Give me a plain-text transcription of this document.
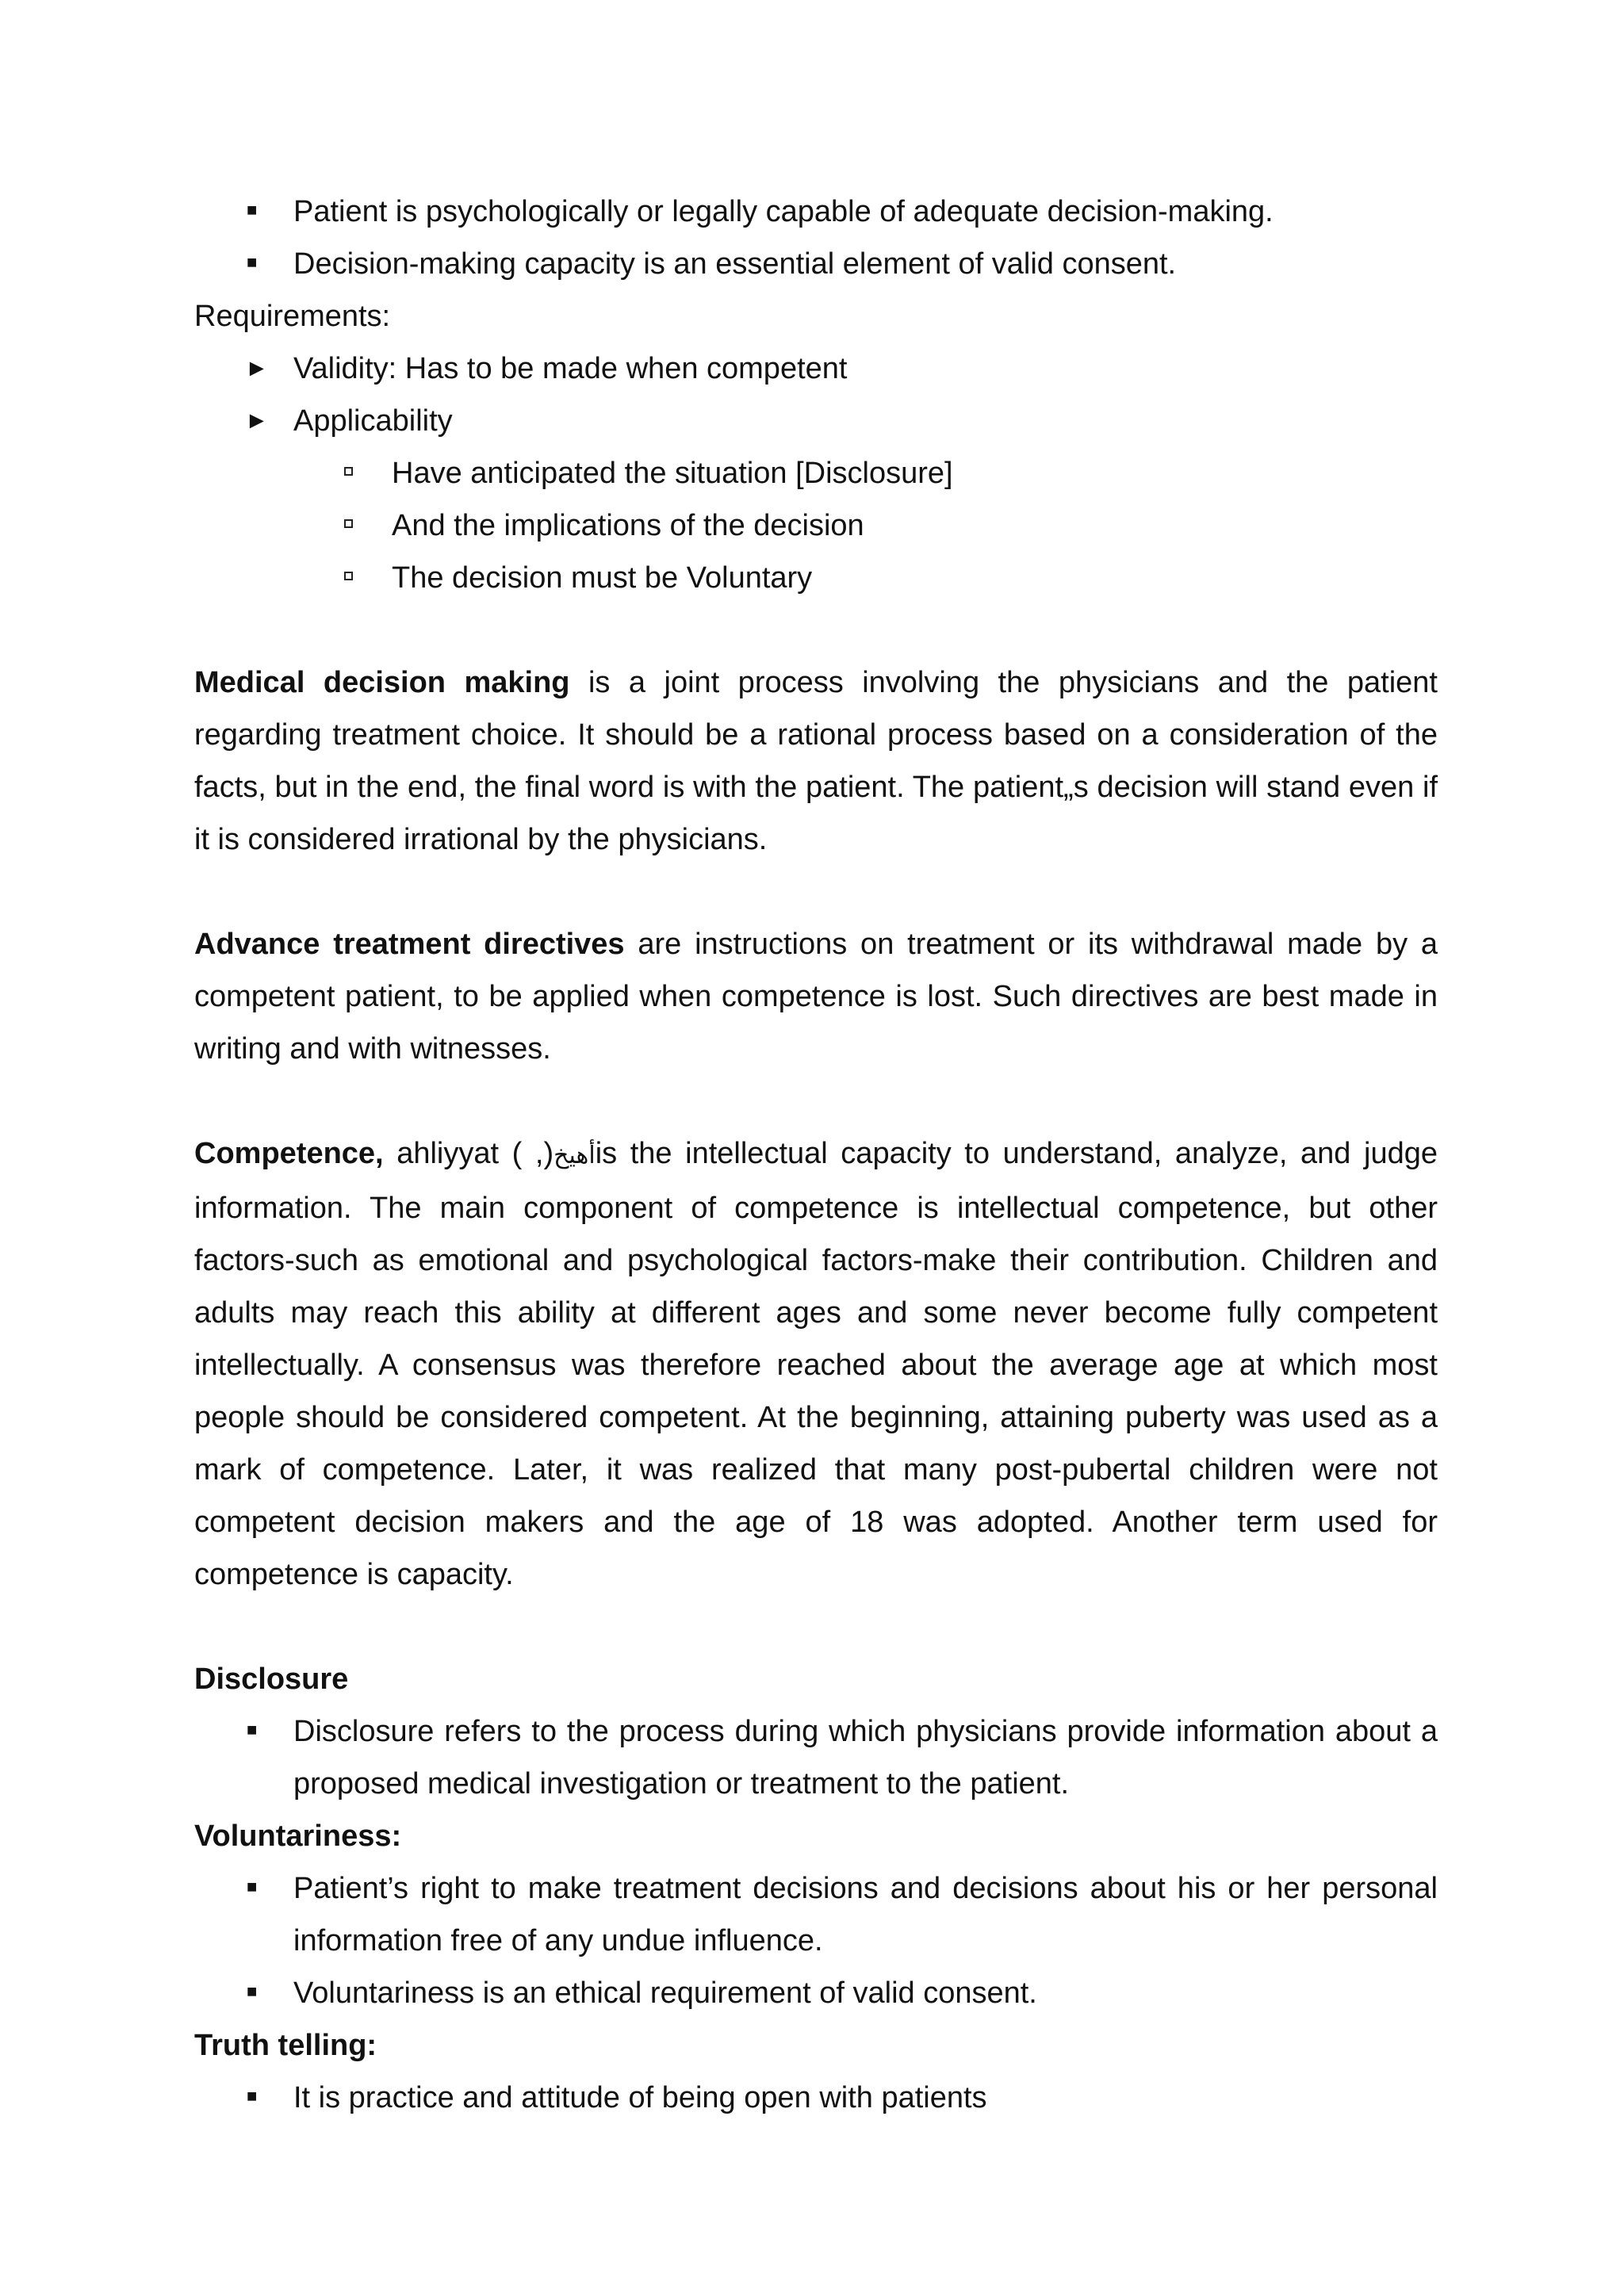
■ Patient is psychologically or legally capable of adequate decision-making.
■ Decision-making capacity is an essential element of valid consent.
Requirements:
► Validity: Has to be made when competent
► Applicability
Have anticipated the situation [Disclosure]
And the implications of the decision
The decision must be Voluntary
Medical decision making is a joint process involving the physicians and the patient regarding treatment choice. It should be a rational process based on a consideration of the facts, but in the end, the final word is with the patient. The patient„s decision will stand even if it is considered irrational by the physicians.
Advance treatment directives are instructions on treatment or its withdrawal made by a competent patient, to be applied when competence is lost. Such directives are best made in writing and with witnesses.
Competence, ahliyyat ( ,)أهيخis the intellectual capacity to understand, analyze, and judge information. The main component of competence is intellectual competence, but other factors-such as emotional and psychological factors-make their contribution. Children and adults may reach this ability at different ages and some never become fully competent intellectually. A consensus was therefore reached about the average age at which most people should be considered competent. At the beginning, attaining puberty was used as a mark of competence. Later, it was realized that many post-pubertal children were not competent decision makers and the age of 18 was adopted. Another term used for competence is capacity.
Disclosure
■ Disclosure refers to the process during which physicians provide information about a proposed medical investigation or treatment to the patient.
Voluntariness:
■ Patient’s right to make treatment decisions and decisions about his or her personal information free of any undue influence.
■ Voluntariness is an ethical requirement of valid consent.
Truth telling:
■ It is practice and attitude of being open with patients
